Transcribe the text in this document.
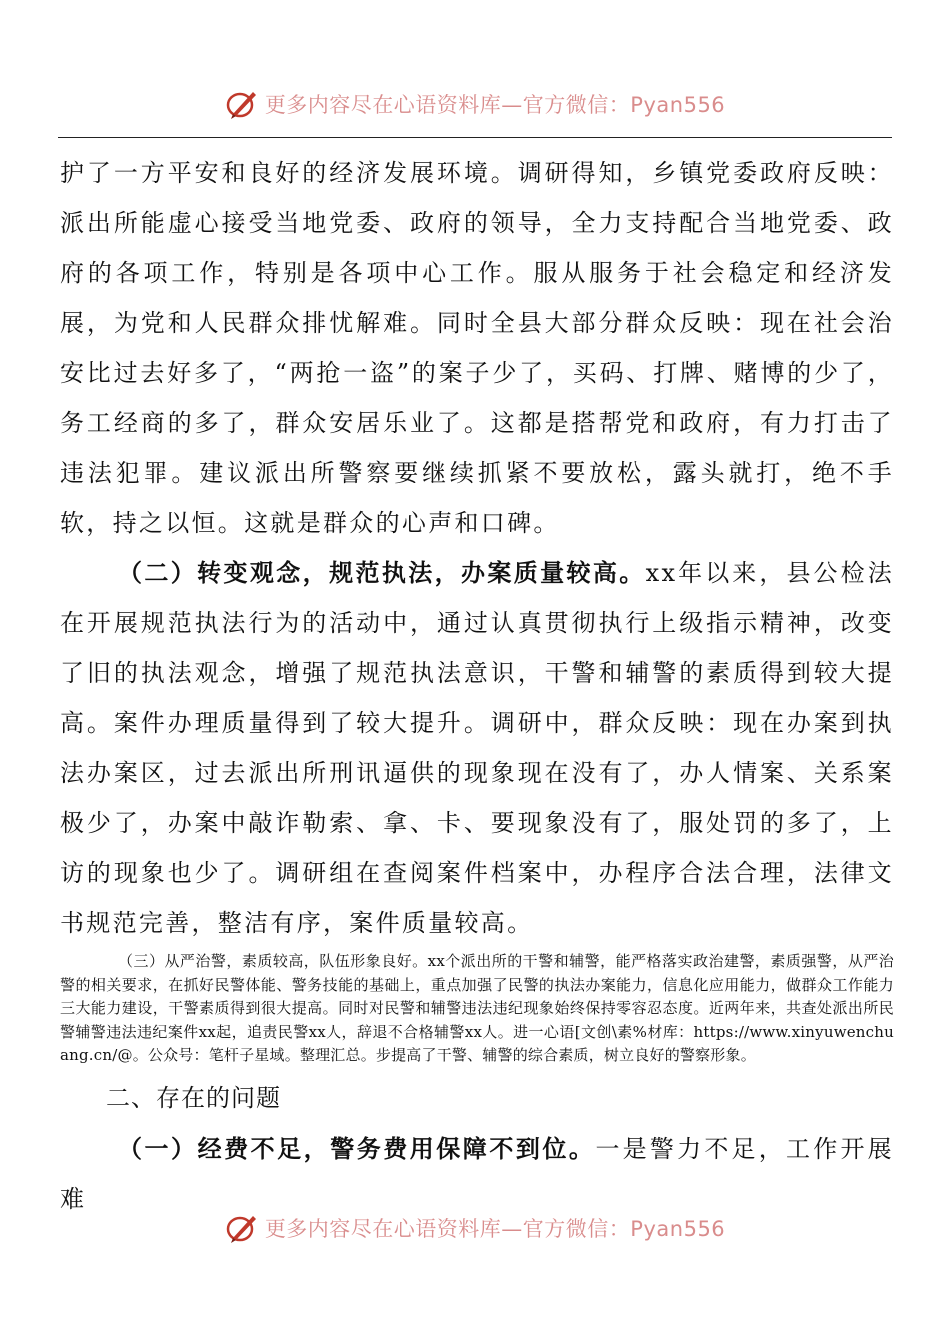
更多内容尽在心语资料库—官方微信：Pyan556

护了一方平安和良好的经济发展环境。调研得知，乡镇党委政府反映：派出所能虚心接受当地党委、政府的领导，全力支持配合当地党委、政府的各项工作，特别是各项中心工作。服从服务于社会稳定和经济发展，为党和人民群众排忧解难。同时全县大部分群众反映：现在社会治安比过去好多了，“两抢一盗”的案子少了，买码、打牌、赌博的少了，务工经商的多了，群众安居乐业了。这都是搭帮党和政府，有力打击了违法犯罪。建议派出所警察要继续抓紧不要放松，露头就打，绝不手软，持之以恒。这就是群众的心声和口碑。

（二）转变观念，规范执法，办案质量较高。xx年以来，县公检法在开展规范执法行为的活动中，通过认真贯彻执行上级指示精神，改变了旧的执法观念，增强了规范执法意识，干警和辅警的素质得到较大提高。案件办理质量得到了较大提升。调研中，群众反映：现在办案到执法办案区，过去派出所刑讯逼供的现象现在没有了，办人情案、关系案极少了，办案中敲诈勒索、拿、卡、要现象没有了，服处罚的多了，上访的现象也少了。调研组在查阅案件档案中，办程序合法合理，法律文书规范完善，整洁有序，案件质量较高。

（三）从严治警，素质较高，队伍形象良好。xx个派出所的干警和辅警，能严格落实政治建警，素质强警，从严治警的相关要求，在抓好民警体能、警务技能的基础上，重点加强了民警的执法办案能力，信息化应用能力，做群众工作能力三大能力建设，干警素质得到很大提高。同时对民警和辅警违法违纪现象始终保持零容忍态度。近两年来，共查处派出所民警辅警违法违纪案件xx起，追责民警xx人，辞退不合格辅警xx人。进一心语[文创\素%材库：https://www.xinyuwenchuang.cn/@。公众号：笔杆子星域。整理汇总。步提高了干警、辅警的综合素质，树立良好的警察形象。

二、存在的问题

（一）经费不足，警务费用保障不到位。一是警力不足，工作开展难

更多内容尽在心语资料库—官方微信：Pyan556
